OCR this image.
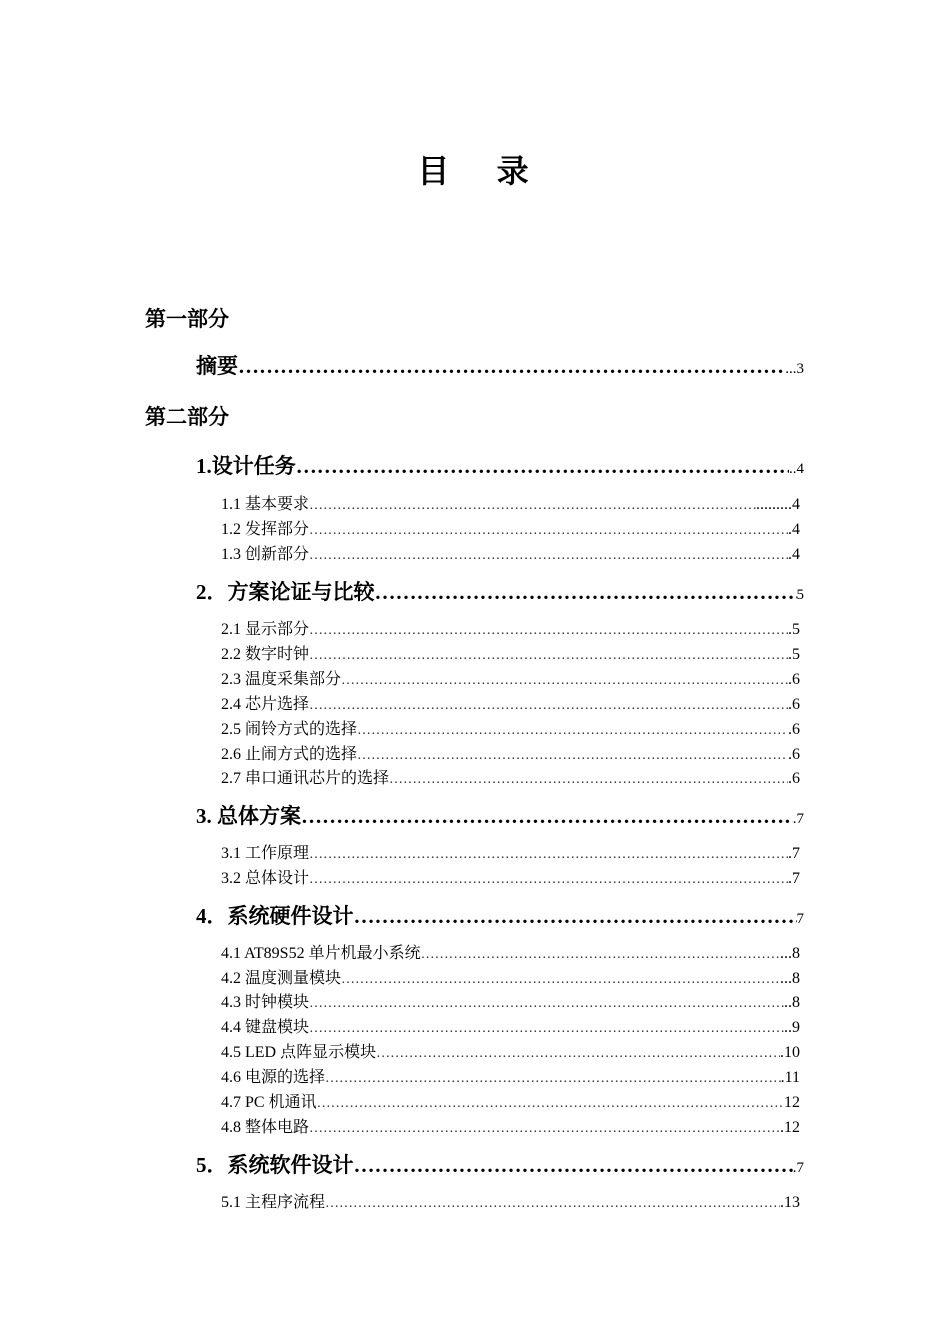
目 录
第一部分
摘要 ……………………………………………………………………………………………………………………………………………………………………………………	...3
第二部分
1.设计任务 ……………………………………………………………………………………………………………………………………………………………………………………	..4
1.1 基本要求 ……………………………………………………………………………………………………………………………………………………………………………………	.........4
1.2 发挥部分 ……………………………………………………………………………………………………………………………………………………………………………………	.4
1.3 创新部分 ……………………………………………………………………………………………………………………………………………………………………………………	.4
2．方案论证与比较 ……………………………………………………………………………………………………………………………………………………………………………………	5
2.1 显示部分 ……………………………………………………………………………………………………………………………………………………………………………………	.5
2.2 数字时钟 ……………………………………………………………………………………………………………………………………………………………………………………	.5
2.3 温度采集部分 ……………………………………………………………………………………………………………………………………………………………………………………	.6
2.4 芯片选择 ……………………………………………………………………………………………………………………………………………………………………………………	.6
2.5 闹铃方式的选择 ……………………………………………………………………………………………………………………………………………………………………………………	.6
2.6 止闹方式的选择 ……………………………………………………………………………………………………………………………………………………………………………………	.6
2.7 串口通讯芯片的选择 ……………………………………………………………………………………………………………………………………………………………………………………	.6
3. 总体方案 ……………………………………………………………………………………………………………………………………………………………………………………	.7
3.1 工作原理 ……………………………………………………………………………………………………………………………………………………………………………………	.7
3.2 总体设计 ……………………………………………………………………………………………………………………………………………………………………………………	.7
4．系统硬件设计 ……………………………………………………………………………………………………………………………………………………………………………………	7
4.1 AT89S52 单片机最小系统 ……………………………………………………………………………………………………………………………………………………………………………………	...8
4.2 温度测量模块 ……………………………………………………………………………………………………………………………………………………………………………………	...8
4.3 时钟模块 ……………………………………………………………………………………………………………………………………………………………………………………	..8
4.4 键盘模块 ……………………………………………………………………………………………………………………………………………………………………………………	..9
4.5 LED 点阵显示模块 ……………………………………………………………………………………………………………………………………………………………………………………	.10
4.6 电源的选择 ……………………………………………………………………………………………………………………………………………………………………………………	.11
4.7 PC 机通讯 ……………………………………………………………………………………………………………………………………………………………………………………	12
4.8 整体电路 ……………………………………………………………………………………………………………………………………………………………………………………	.12
5．系统软件设计 ……………………………………………………………………………………………………………………………………………………………………………………	.7
5.1 主程序流程 ……………………………………………………………………………………………………………………………………………………………………………………	.13
